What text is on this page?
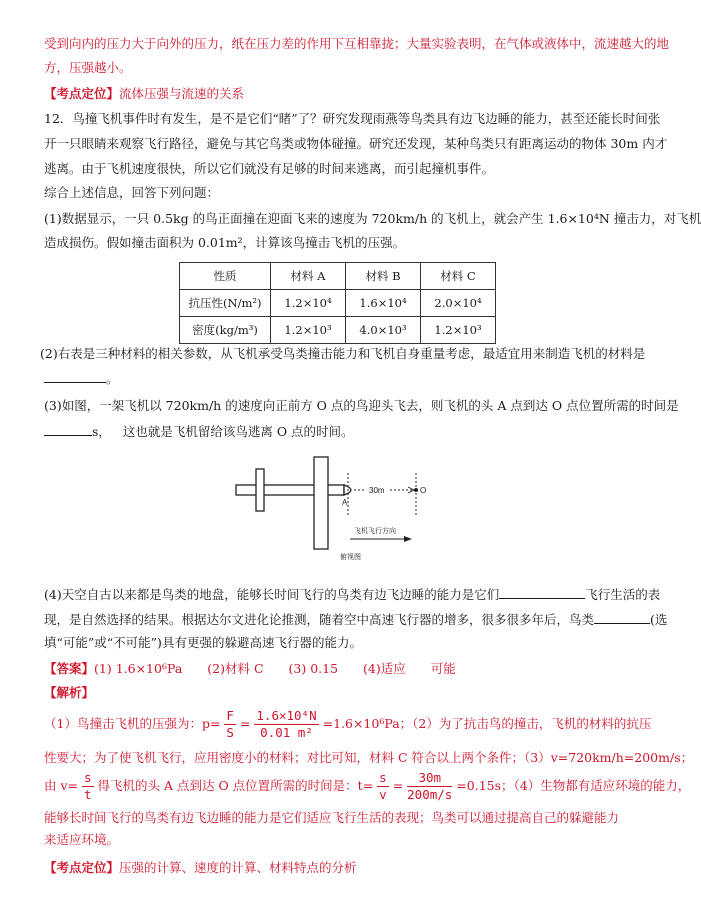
受到向内的压力大于向外的压力，纸在压力差的作用下互相靠拢；大量实验表明，在气体或液体中，流速越大的地
方，压强越小。
【考点定位】流体压强与流速的关系
12．鸟撞飞机事件时有发生，是不是它们“睹”了？研究发现雨燕等鸟类具有边飞边睡的能力，甚至还能长时间张
开一只眼睛来观察飞行路径，避免与其它鸟类或物体碰撞。研究还发现，某种鸟类只有距离运动的物体 30m 内才
逃离。由于飞机速度很快，所以它们就没有足够的时间来逃离，而引起撞机事件。
综合上述信息，回答下列问题：
(1)数据显示，一只 0.5kg 的鸟正面撞在迎面飞来的速度为 720km/h 的飞机上，就会产生 1.6×10⁴N 撞击力，对飞机
造成损伤。假如撞击面积为 0.01m²，计算该鸟撞击飞机的压强。
性质	材料 A	材料 B	材料 C
抗压性(N/m²)	1.2×10⁴	1.6×10⁴	2.0×10⁴
密度(kg/m³)	1.2×10³	4.0×10³	1.2×10³
(2)右表是三种材料的相关参数，从飞机承受鸟类撞击能力和飞机自身重量考虑，最适宜用来制造飞机的材料是
。
(3)如图，一架飞机以 720km/h 的速度向正前方 O 点的鸟迎头飞去，则飞机的头 A 点到达 O 点位置所需的时间是
s， 这也就是飞机留给该鸟逃离 O 点的时间。
A
30m	O
飞机飞行方向
俯视图
(4)天空自古以来都是鸟类的地盘，能够长时间飞行的鸟类有边飞边睡的能力是它们	飞行生活的表
现，是自然选择的结果。根据达尔文进化论推测，随着空中高速飞行器的增多，很多很多年后，鸟类	(选
填“可能”或“不可能”)具有更强的躲避高速飞行器的能力。
【答案】(1) 1.6×10⁶Pa　　(2)材料 C　　(3) 0.15　　(4)适应　　可能
【解析】
（1）鸟撞击飞机的压强为：$p= \frac{F}{S} = \frac{\text{1.6×10⁴N}}{\text{0.01 m²}} =1.6\times 10^6Pa$；（2）为了抗击鸟的撞击，飞机的材料的抗压
性要大；为了使飞机飞行，应用密度小的材料；对比可知，材料 C 符合以上两个条件；（3）v=720km/h=200m/s；
由 $v= \frac{s}{t}$ 得飞机的头 A 点到达 O 点位置所需的时间是：$t= \frac{s}{v} = \frac{30m}{200m/s} =0.15s$；（4）生物都有适应环境的能力，
能够长时间飞行的鸟类有边飞边睡的能力是它们适应飞行生活的表现；鸟类可以通过提高自己的躲避能力
来适应环境。
【考点定位】压强的计算、速度的计算、材料特点的分析
